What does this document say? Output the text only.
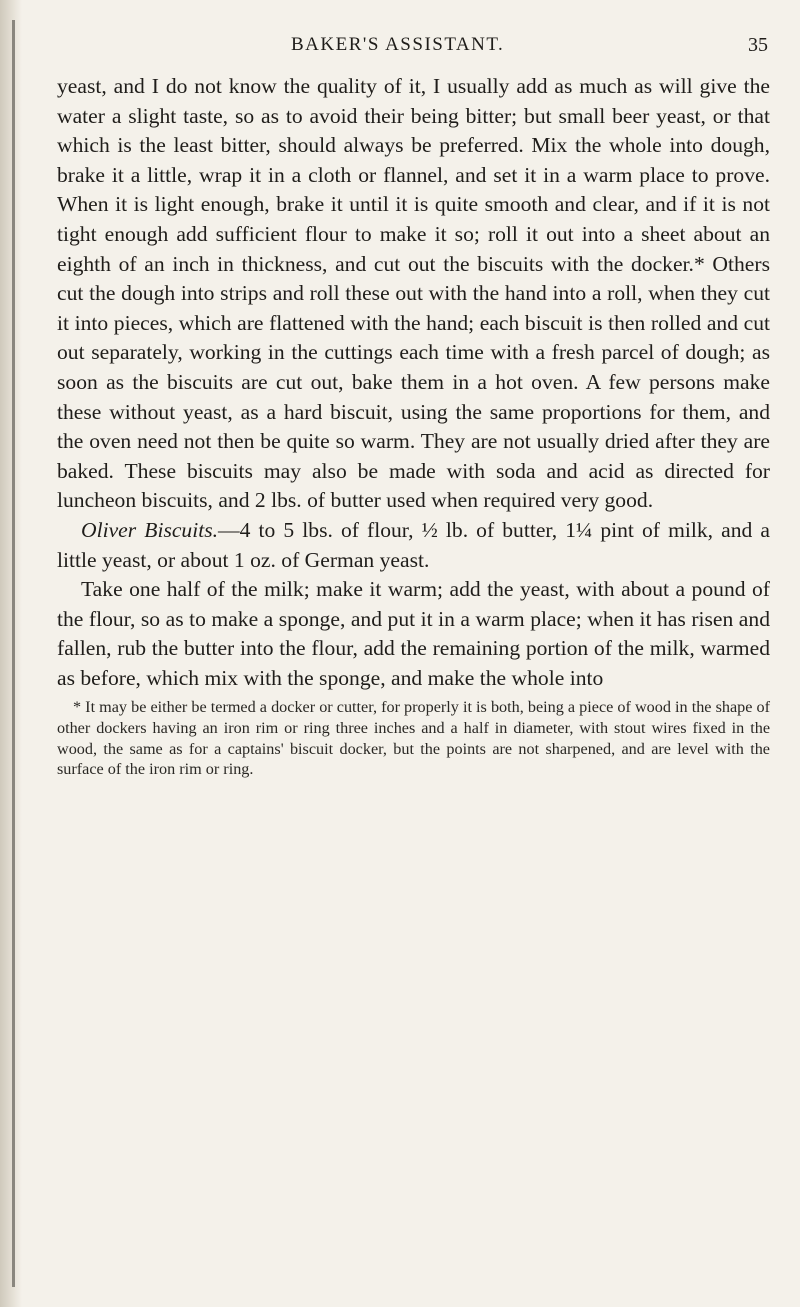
BAKER'S ASSISTANT.	35

yeast, and I do not know the quality of it, I usually add as much as will give the water a slight taste, so as to avoid their being bitter; but small beer yeast, or that which is the least bitter, should always be preferred. Mix the whole into dough, brake it a little, wrap it in a cloth or flannel, and set it in a warm place to prove. When it is light enough, brake it until it is quite smooth and clear, and if it is not tight enough add sufficient flour to make it so; roll it out into a sheet about an eighth of an inch in thickness, and cut out the biscuits with the docker.* Others cut the dough into strips and roll these out with the hand into a roll, when they cut it into pieces, which are flattened with the hand; each biscuit is then rolled and cut out separately, working in the cuttings each time with a fresh parcel of dough; as soon as the biscuits are cut out, bake them in a hot oven. A few persons make these without yeast, as a hard biscuit, using the same proportions for them, and the oven need not then be quite so warm. They are not usually dried after they are baked. These biscuits may also be made with soda and acid as directed for luncheon biscuits, and 2 lbs. of butter used when required very good.

Oliver Biscuits.—4 to 5 lbs. of flour, ½ lb. of butter, 1¼ pint of milk, and a little yeast, or about 1 oz. of German yeast.

Take one half of the milk; make it warm; add the yeast, with about a pound of the flour, so as to make a sponge, and put it in a warm place; when it has risen and fallen, rub the butter into the flour, add the remaining portion of the milk, warmed as before, which mix with the sponge, and make the whole into

* It may be either be termed a docker or cutter, for properly it is both, being a piece of wood in the shape of other dockers having an iron rim or ring three inches and a half in diameter, with stout wires fixed in the wood, the same as for a captains' biscuit docker, but the points are not sharpened, and are level with the surface of the iron rim or ring.
